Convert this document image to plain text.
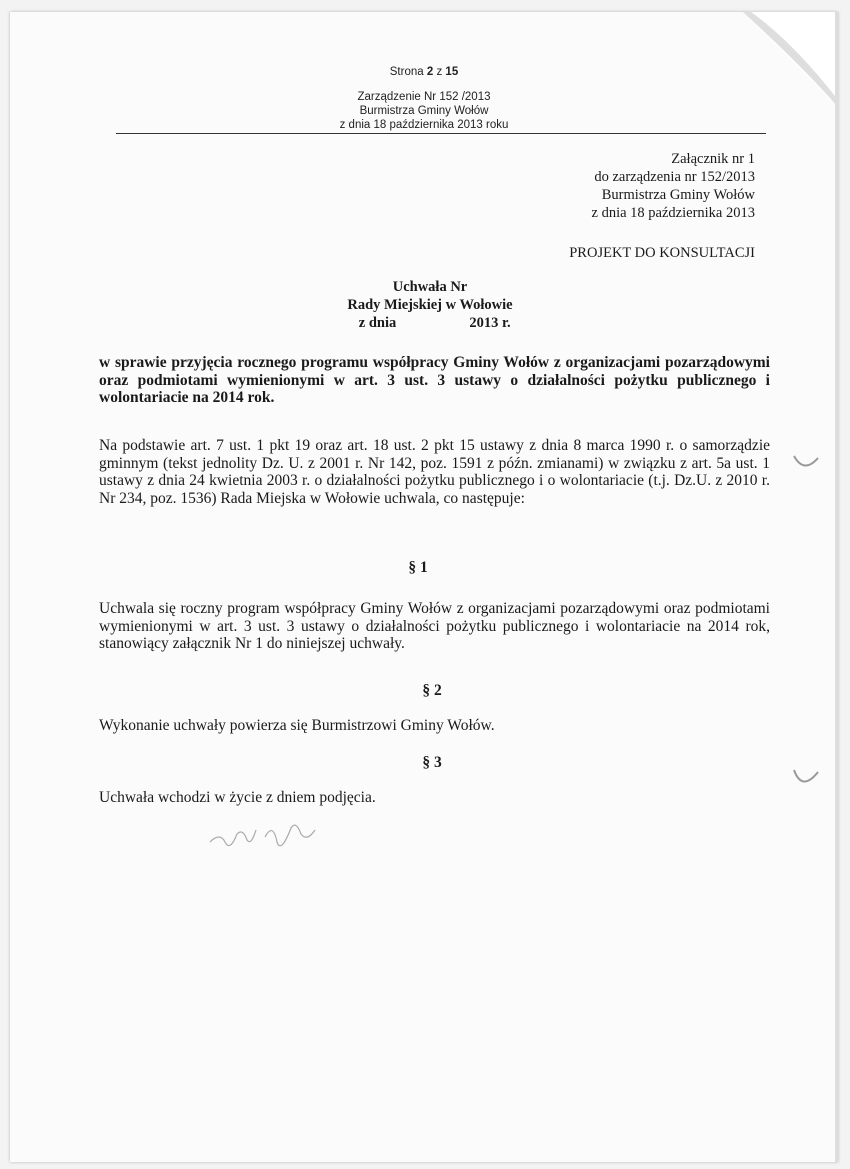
Strona 2 z 15
Zarządzenie Nr 152 /2013
Burmistrza Gminy Wołów
z dnia 18 października 2013 roku
Załącznik nr 1
do zarządzenia nr 152/2013
Burmistrza Gminy Wołów
z dnia 18 października 2013
PROJEKT DO KONSULTACJI
Uchwała Nr
Rady Miejskiej w Wołowie
z dnia	2013 r.
w sprawie przyjęcia rocznego programu współpracy Gminy Wołów z organizacjami pozarządowymi oraz podmiotami wymienionymi w art. 3 ust. 3 ustawy o działalności pożytku publicznego i wolontariacie na 2014 rok.
Na podstawie art. 7 ust. 1 pkt 19 oraz art. 18 ust. 2 pkt 15 ustawy z dnia 8 marca 1990 r. o samorządzie gminnym (tekst jednolity Dz. U. z 2001 r. Nr 142, poz. 1591 z późn. zmianami) w związku z art. 5a ust. 1 ustawy z dnia 24 kwietnia 2003 r. o działalności pożytku publicznego i o wolontariacie (t.j. Dz.U. z 2010 r. Nr 234, poz. 1536) Rada Miejska w Wołowie uchwala, co następuje:
§ 1
Uchwala się roczny program współpracy Gminy Wołów z organizacjami pozarządowymi oraz podmiotami wymienionymi w art. 3 ust. 3 ustawy o działalności pożytku publicznego i wolontariacie na 2014 rok, stanowiący załącznik Nr 1 do niniejszej uchwały.
§ 2
Wykonanie uchwały powierza się Burmistrzowi Gminy Wołów.
§ 3
Uchwała wchodzi w życie z dniem podjęcia.
